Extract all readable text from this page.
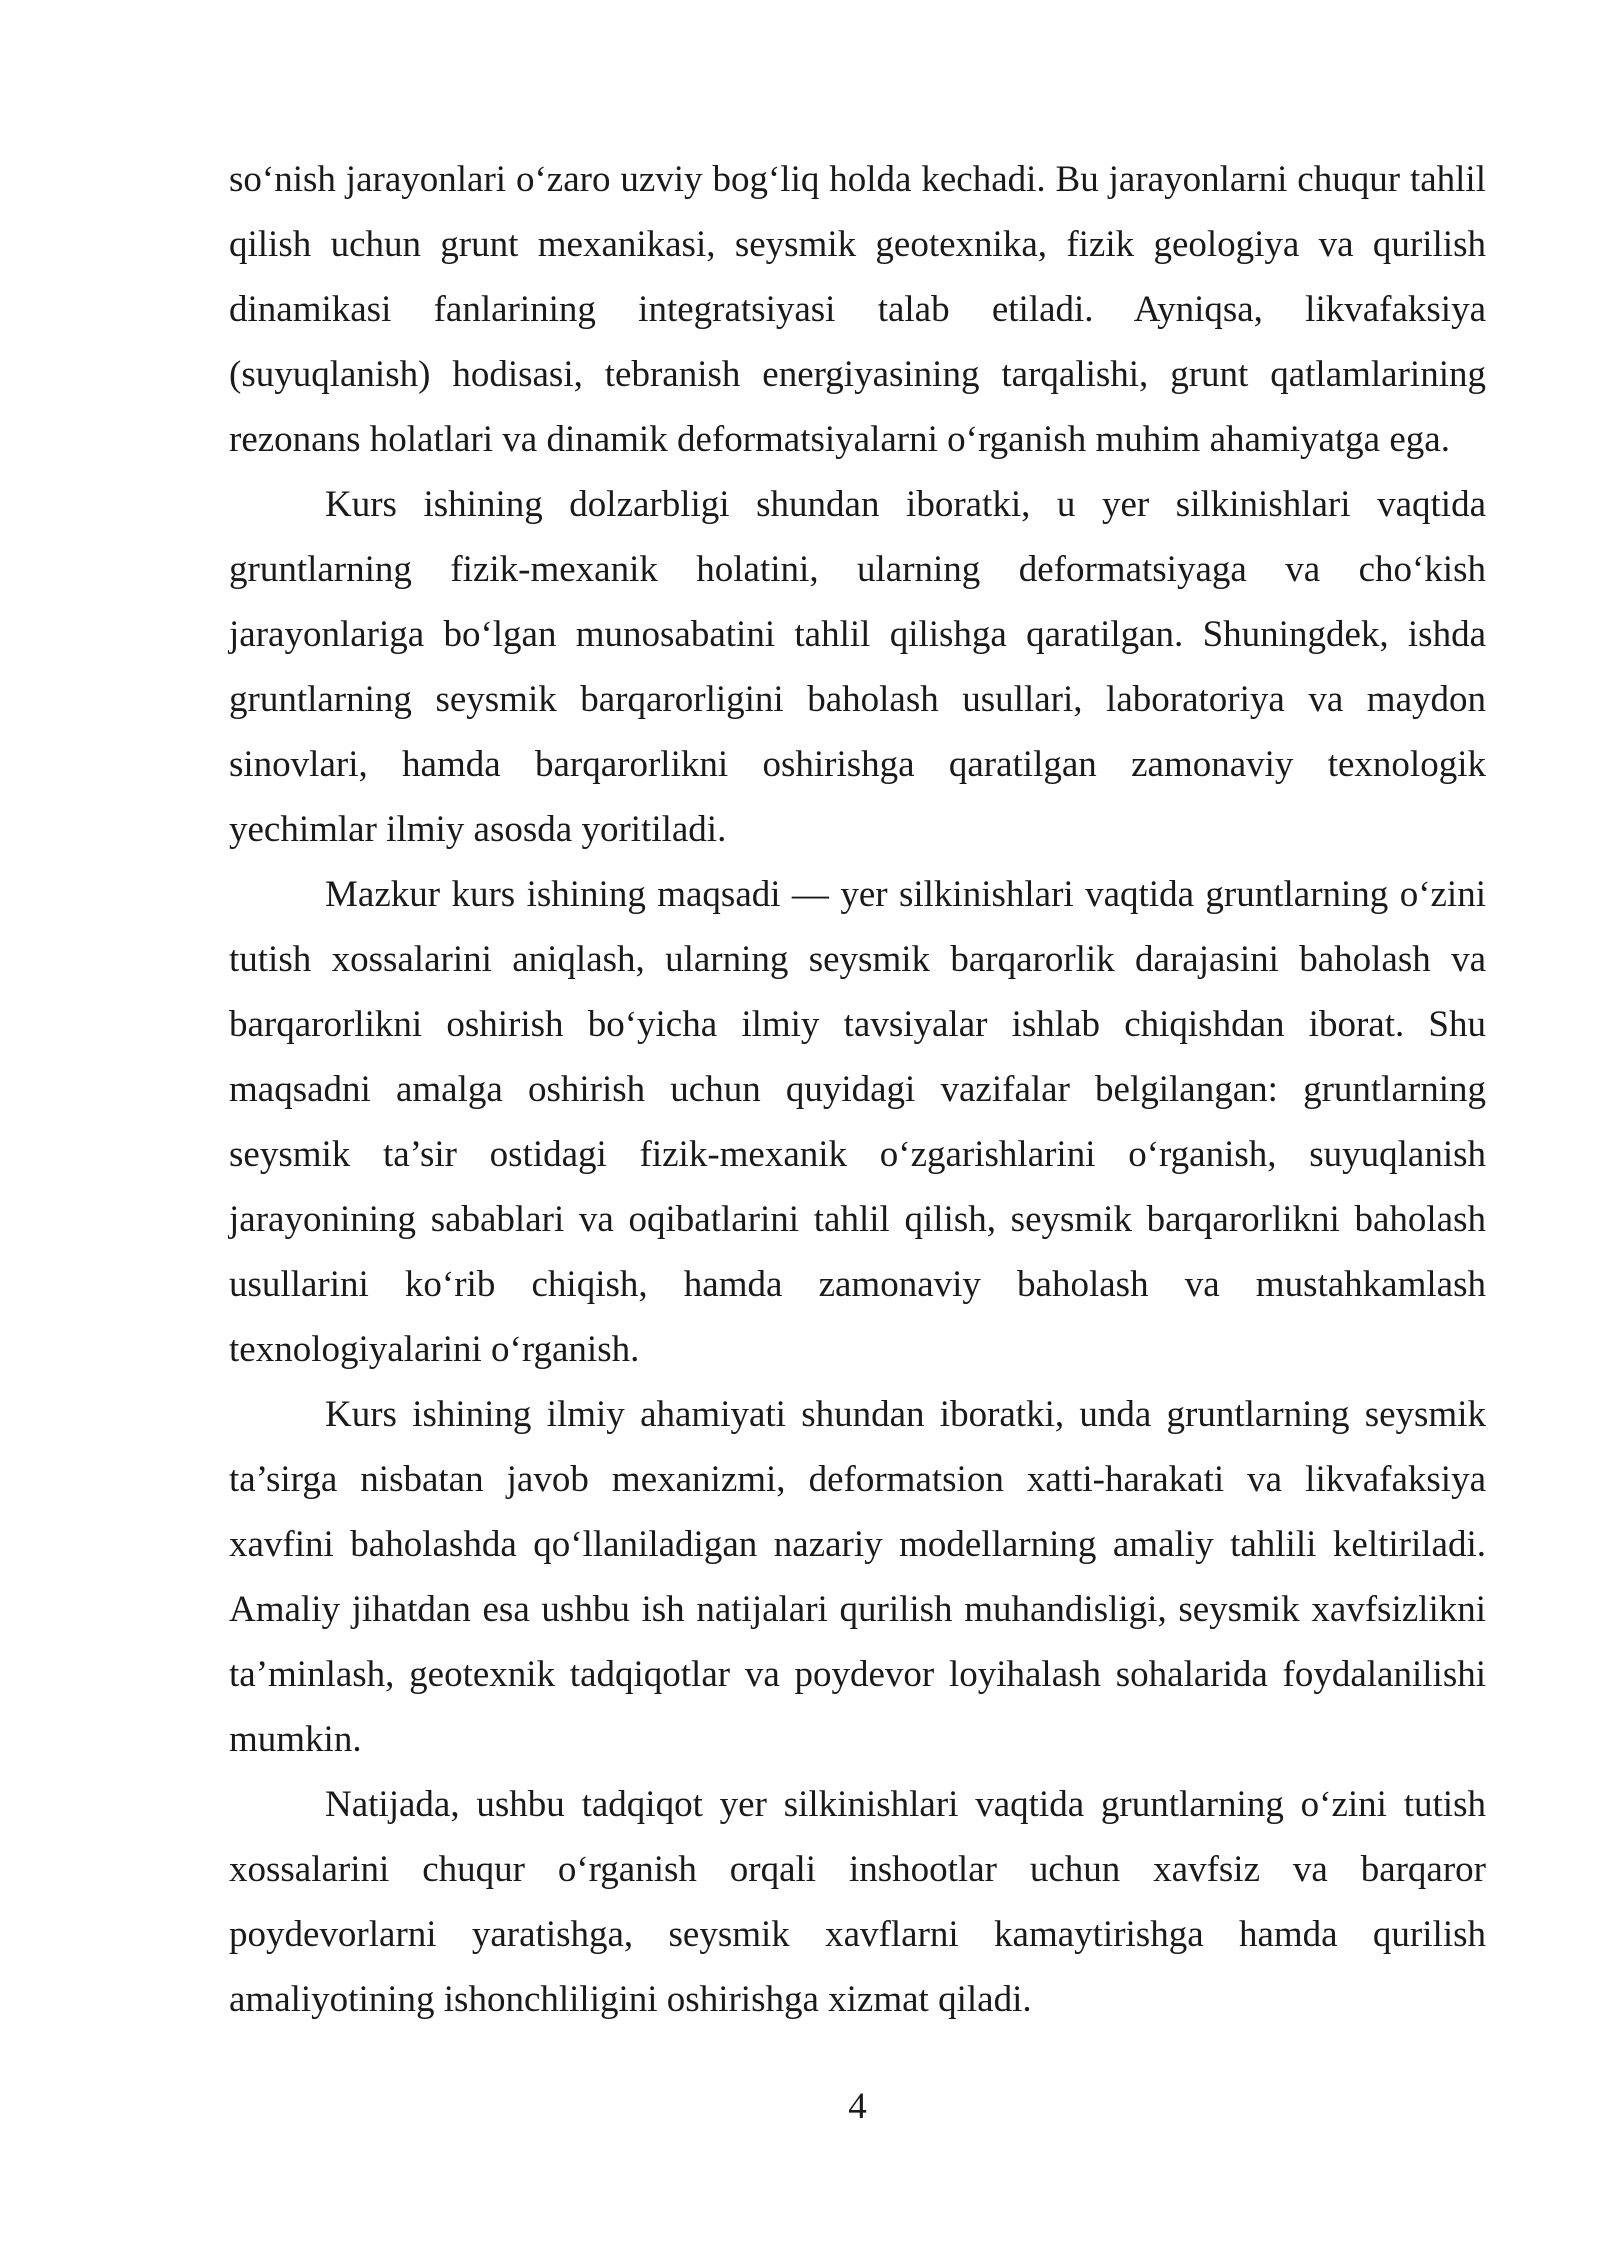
so‘nish jarayonlari o‘zaro uzviy bog‘liq holda kechadi. Bu jarayonlarni chuqur tahlil qilish uchun grunt mexanikasi, seysmik geotexnika, fizik geologiya va qurilish dinamikasi fanlarining integratsiyasi talab etiladi. Ayniqsa, likvafaksiya (suyuqlanish) hodisasi, tebranish energiyasining tarqalishi, grunt qatlamlarining rezonans holatlari va dinamik deformatsiyalarni o‘rganish muhim ahamiyatga ega.

Kurs ishining dolzarbligi shundan iboratki, u yer silkinishlari vaqtida gruntlarning fizik-mexanik holatini, ularning deformatsiyaga va cho‘kish jarayonlariga bo‘lgan munosabatini tahlil qilishga qaratilgan. Shuningdek, ishda gruntlarning seysmik barqarorligini baholash usullari, laboratoriya va maydon sinovlari, hamda barqarorlikni oshirishga qaratilgan zamonaviy texnologik yechimlar ilmiy asosda yoritiladi.

Mazkur kurs ishining maqsadi — yer silkinishlari vaqtida gruntlarning o‘zini tutish xossalarini aniqlash, ularning seysmik barqarorlik darajasini baholash va barqarorlikni oshirish bo‘yicha ilmiy tavsiyalar ishlab chiqishdan iborat. Shu maqsadni amalga oshirish uchun quyidagi vazifalar belgilangan: gruntlarning seysmik ta’sir ostidagi fizik-mexanik o‘zgarishlarini o‘rganish, suyuqlanish jarayonining sabablari va oqibatlarini tahlil qilish, seysmik barqarorlikni baholash usullarini ko‘rib chiqish, hamda zamonaviy baholash va mustahkamlash texnologiyalarini o‘rganish.

Kurs ishining ilmiy ahamiyati shundan iboratki, unda gruntlarning seysmik ta’sirga nisbatan javob mexanizmi, deformatsion xatti-harakati va likvafaksiya xavfini baholashda qo‘llaniladigan nazariy modellarning amaliy tahlili keltiriladi. Amaliy jihatdan esa ushbu ish natijalari qurilish muhandisligi, seysmik xavfsizlikni ta’minlash, geotexnik tadqiqotlar va poydevor loyihalash sohalarida foydalanilishi mumkin.

Natijada, ushbu tadqiqot yer silkinishlari vaqtida gruntlarning o‘zini tutish xossalarini chuqur o‘rganish orqali inshootlar uchun xavfsiz va barqaror poydevorlarni yaratishga, seysmik xavflarni kamaytirishga hamda qurilish amaliyotining ishonchliligini oshirishga xizmat qiladi.

4
